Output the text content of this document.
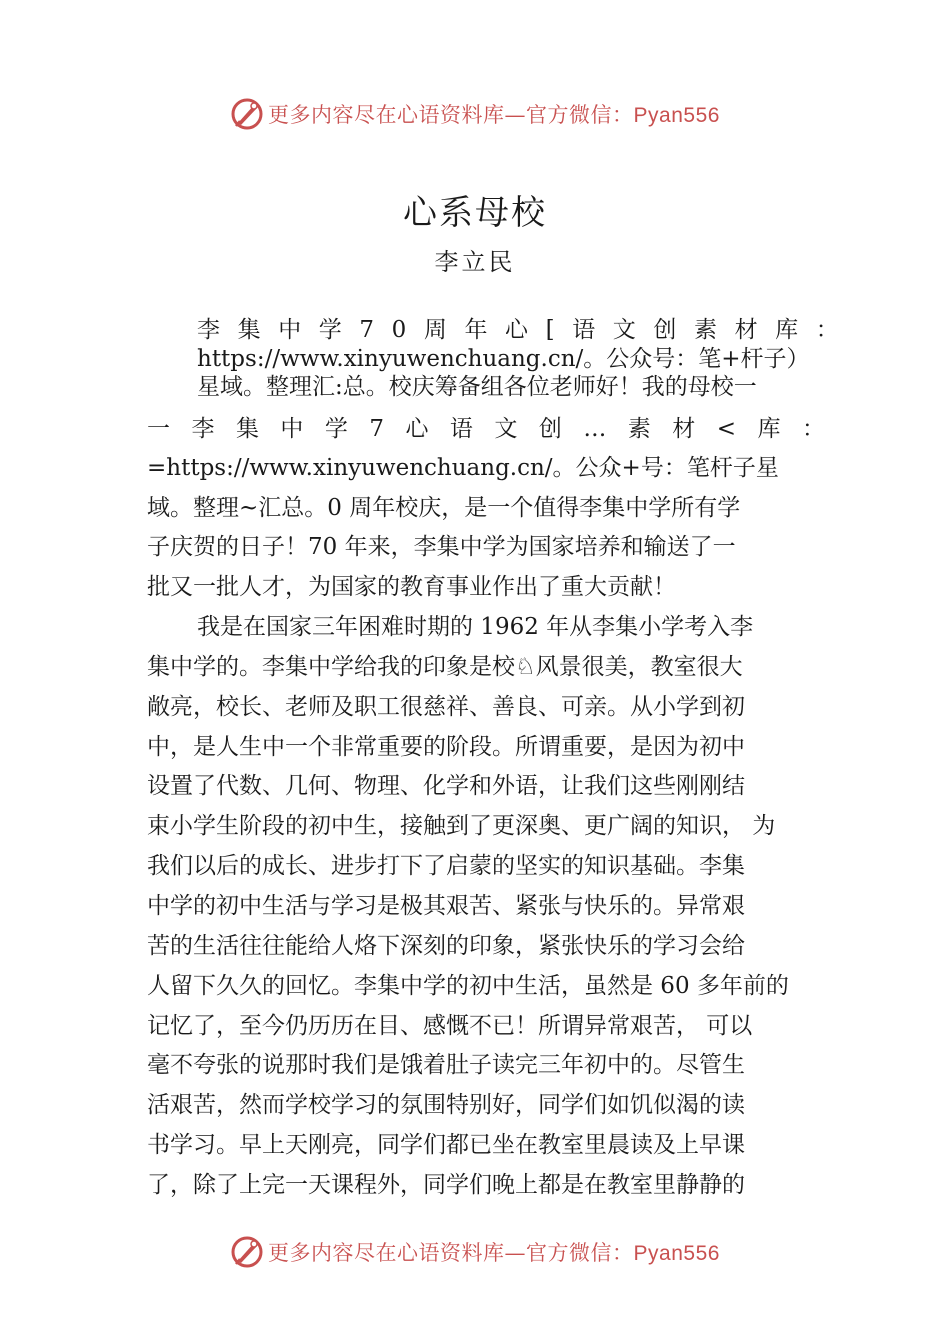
更多内容尽在心语资料库—官方微信：Pyan556
心系母校
李立民
李 集 中 学 7 0 周 年 心 [ 语 文 创 素 材 库 ：
https://www.xinyuwenchuang.cn/。公众号：笔+杆子）
星域。整理汇:总。校庆筹备组各位老师好！我的母校一
一 李 集 中 学 7 心 语 文 创 … 素 材 < 库 ：
=https://www.xinyuwenchuang.cn/。公众+号：笔杆子星
域。整理~汇总。0 周年校庆，是一个值得李集中学所有学
子庆贺的日子！70 年来，李集中学为国家培养和输送了一
批又一批人才，为国家的教育事业作出了重大贡献！
我是在国家三年困难时期的 1962 年从李集小学考入李
集中学的。李集中学给我的印象是校♘风景很美，教室很大
敞亮，校长、老师及职工很慈祥、善良、可亲。从小学到初
中，是人生中一个非常重要的阶段。所谓重要，是因为初中
设置了代数、几何、物理、化学和外语，让我们这些刚刚结
束小学生阶段的初中生，接触到了更深奥、更广阔的知识， 为
我们以后的成长、进步打下了启蒙的坚实的知识基础。李集
中学的初中生活与学习是极其艰苦、紧张与快乐的。异常艰
苦的生活往往能给人烙下深刻的印象，紧张快乐的学习会给
人留下久久的回忆。李集中学的初中生活，虽然是 60 多年前的
记忆了，至今仍历历在目、感慨不已！所谓异常艰苦， 可以
毫不夸张的说那时我们是饿着肚子读完三年初中的。尽管生
活艰苦，然而学校学习的氛围特别好，同学们如饥似渴的读
书学习。早上天刚亮，同学们都已坐在教室里晨读及上早课
了，除了上完一天课程外，同学们晚上都是在教室里静静的
更多内容尽在心语资料库—官方微信：Pyan556
